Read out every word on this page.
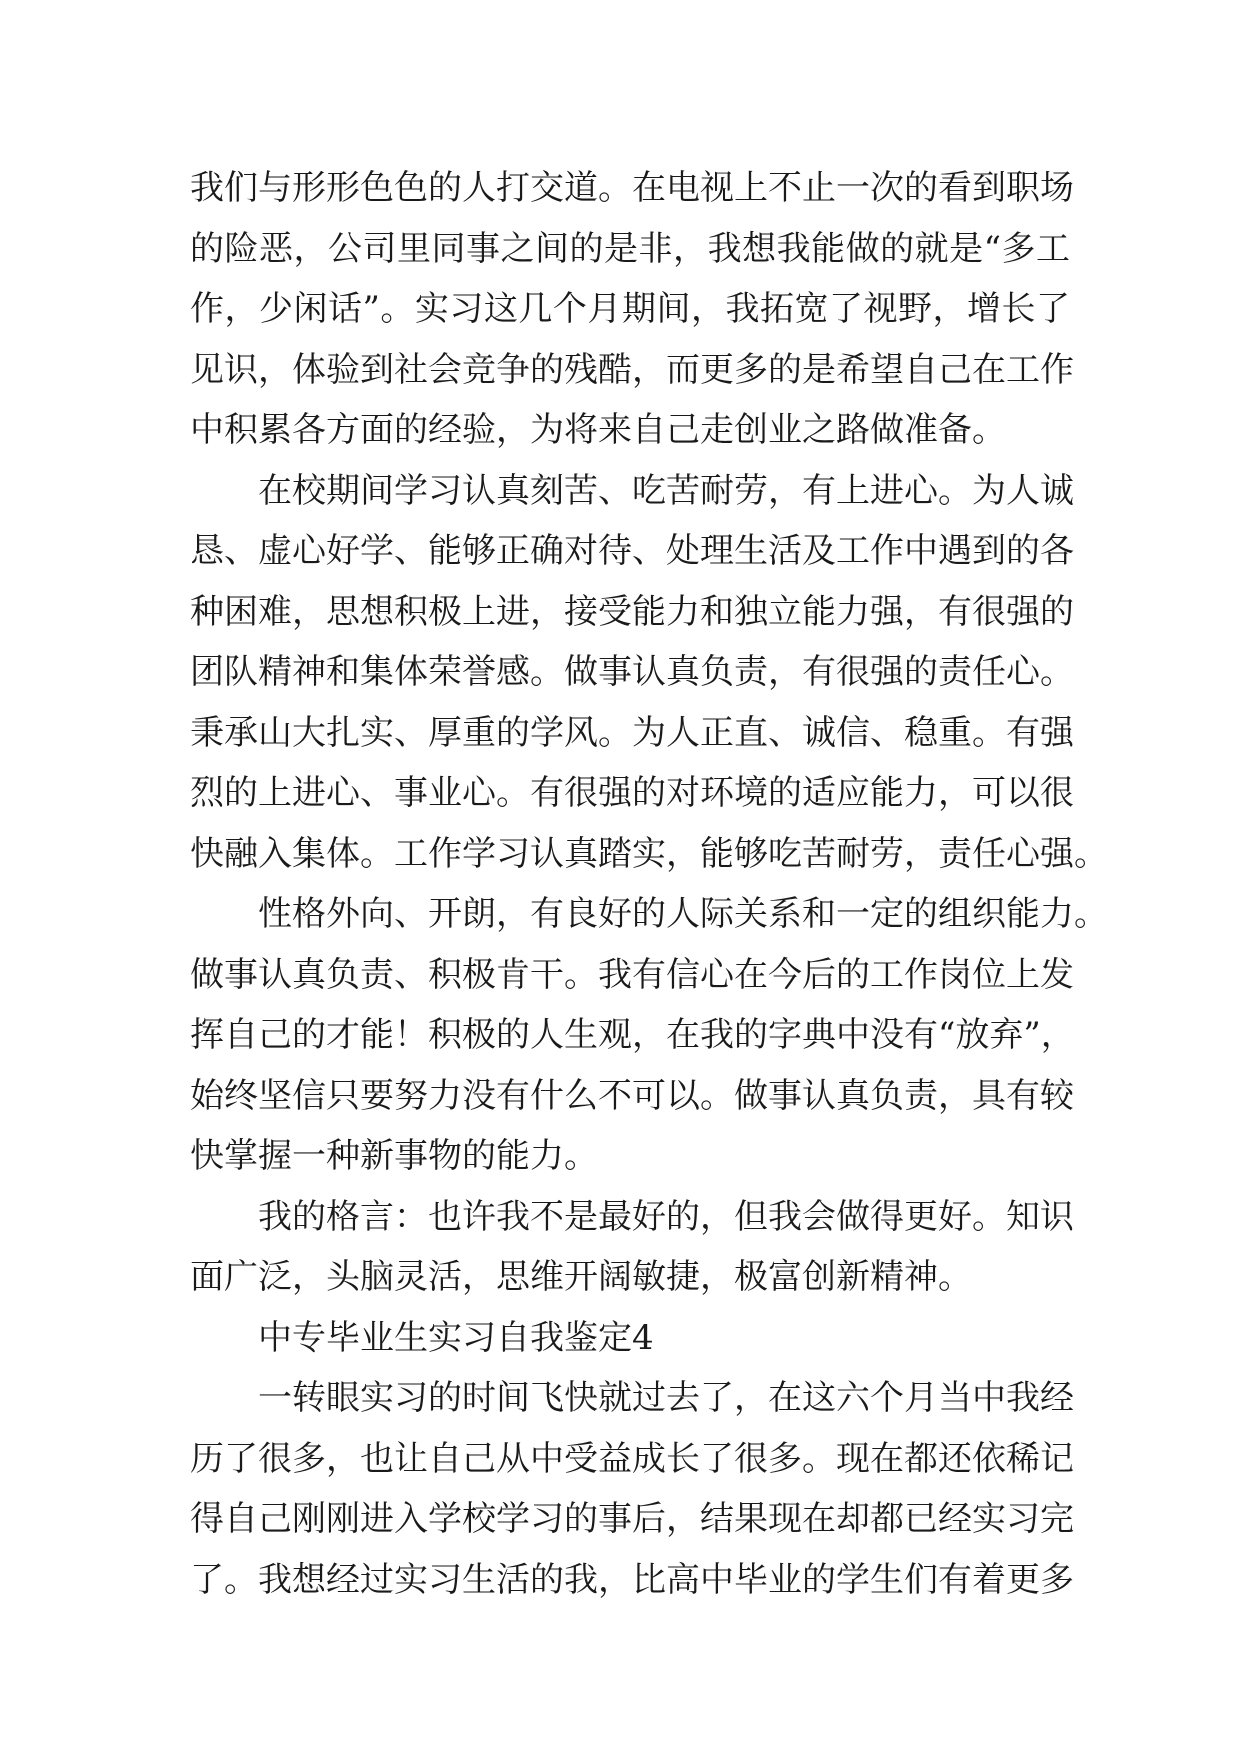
我们与形形色色的人打交道。在电视上不止一次的看到职场
的险恶，公司里同事之间的是非，我想我能做的就是“多工
作，少闲话”。实习这几个月期间，我拓宽了视野，增长了
见识，体验到社会竞争的残酷，而更多的是希望自己在工作
中积累各方面的经验，为将来自己走创业之路做准备。
在校期间学习认真刻苦、吃苦耐劳，有上进心。为人诚
恳、虚心好学、能够正确对待、处理生活及工作中遇到的各
种困难，思想积极上进，接受能力和独立能力强，有很强的
团队精神和集体荣誉感。做事认真负责，有很强的责任心。
秉承山大扎实、厚重的学风。为人正直、诚信、稳重。有强
烈的上进心、事业心。有很强的对环境的适应能力，可以很
快融入集体。工作学习认真踏实，能够吃苦耐劳，责任心强。
性格外向、开朗，有良好的人际关系和一定的组织能力。
做事认真负责、积极肯干。我有信心在今后的工作岗位上发
挥自己的才能！积极的人生观，在我的字典中没有“放弃”，
始终坚信只要努力没有什么不可以。做事认真负责，具有较
快掌握一种新事物的能力。
我的格言：也许我不是最好的，但我会做得更好。知识
面广泛，头脑灵活，思维开阔敏捷，极富创新精神。
中专毕业生实习自我鉴定4
一转眼实习的时间飞快就过去了，在这六个月当中我经
历了很多，也让自己从中受益成长了很多。现在都还依稀记
得自己刚刚进入学校学习的事后，结果现在却都已经实习完
了。我想经过实习生活的我，比高中毕业的学生们有着更多
